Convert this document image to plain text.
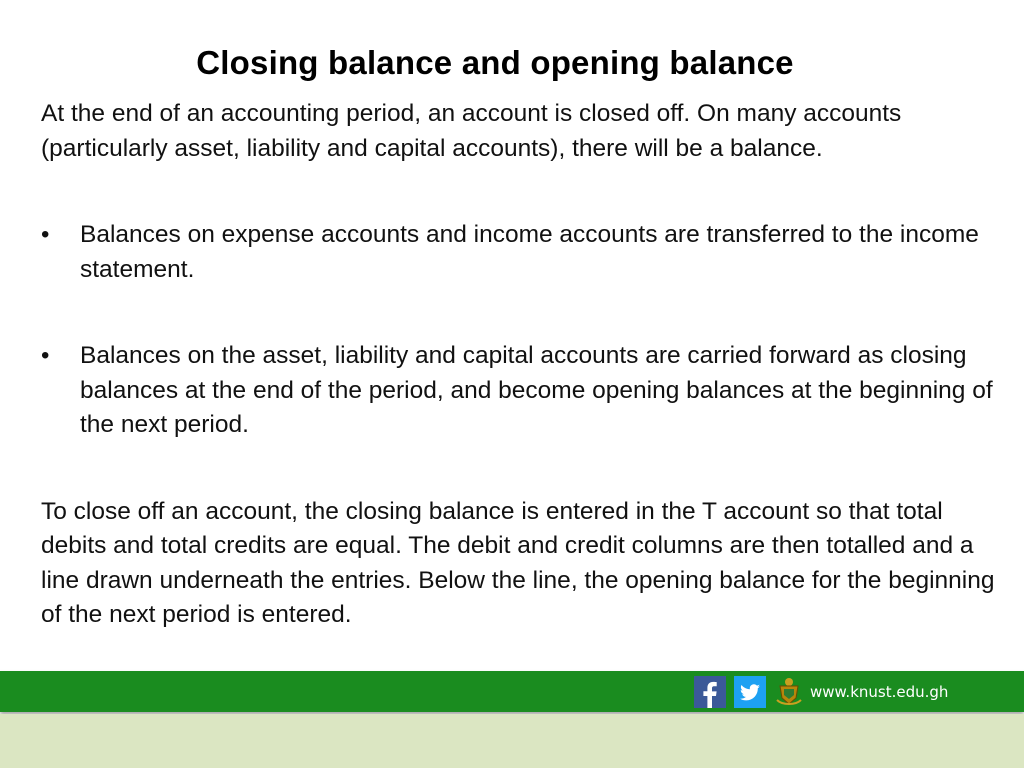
Closing balance and opening balance

At the end of an accounting period, an account is closed off. On many accounts (particularly asset, liability and capital accounts), there will be a balance.

• Balances on expense accounts and income accounts are transferred to the income statement.
• Balances on the asset, liability and capital accounts are carried forward as closing balances at the end of the period, and become opening balances at the beginning of the next period.

To close off an account, the closing balance is entered in the T account so that total debits and total credits are equal. The debit and credit columns are then totalled and a line drawn underneath the entries. Below the line, the opening balance for the beginning of the next period is entered.

www.knust.edu.gh
